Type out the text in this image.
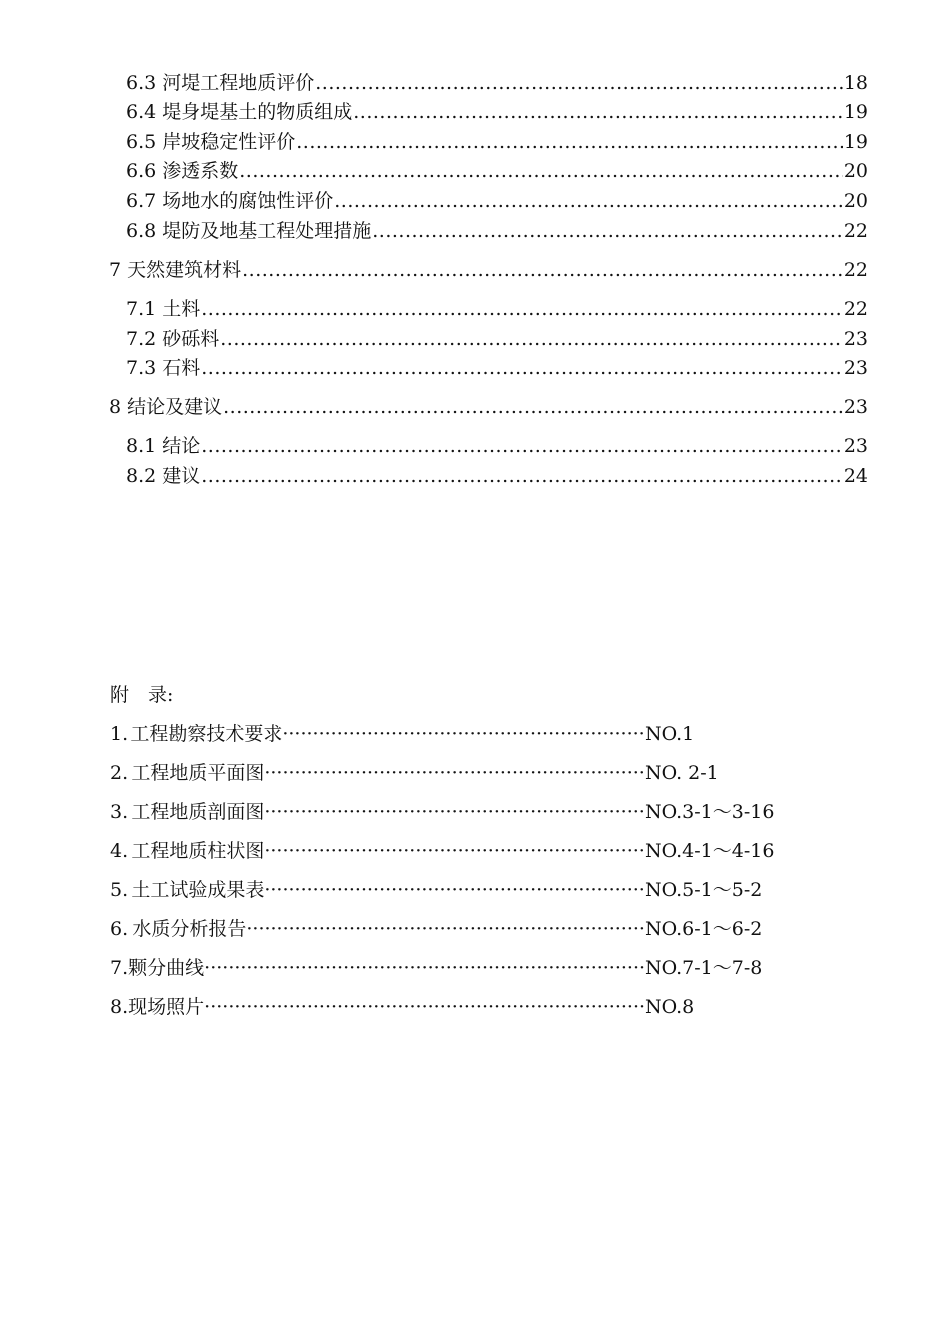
6.3 河堤工程地质评价 .....	18
6.4 堤身堤基土的物质组成 .....	19
6.5 岸坡稳定性评价 .....	19
6.6 渗透系数 .....	20
6.7 场地水的腐蚀性评价 .....	20
6.8 堤防及地基工程处理措施 .....	22
7 天然建筑材料 .....	22
7.1 土料 .....	22
7.2 砂砾料 .....	23
7.3 石料 .....	23
8 结论及建议 .....	23
8.1 结论 .....	23
8.2 建议 .....	24
附　录:
1. 工程勘察技术要求 ·····	NO.1
2. 工程地质平面图 ·····	NO. 2-1
3. 工程地质剖面图 ·····	NO.3-1～3-16
4. 工程地质柱状图 ·····	NO.4-1～4-16
5. 土工试验成果表 ·····	NO.5-1～5-2
6. 水质分析报告 ·····	NO.6-1～6-2
7. 颗分曲线 ·····	NO.7-1～7-8
8. 现场照片 ·····	NO.8
